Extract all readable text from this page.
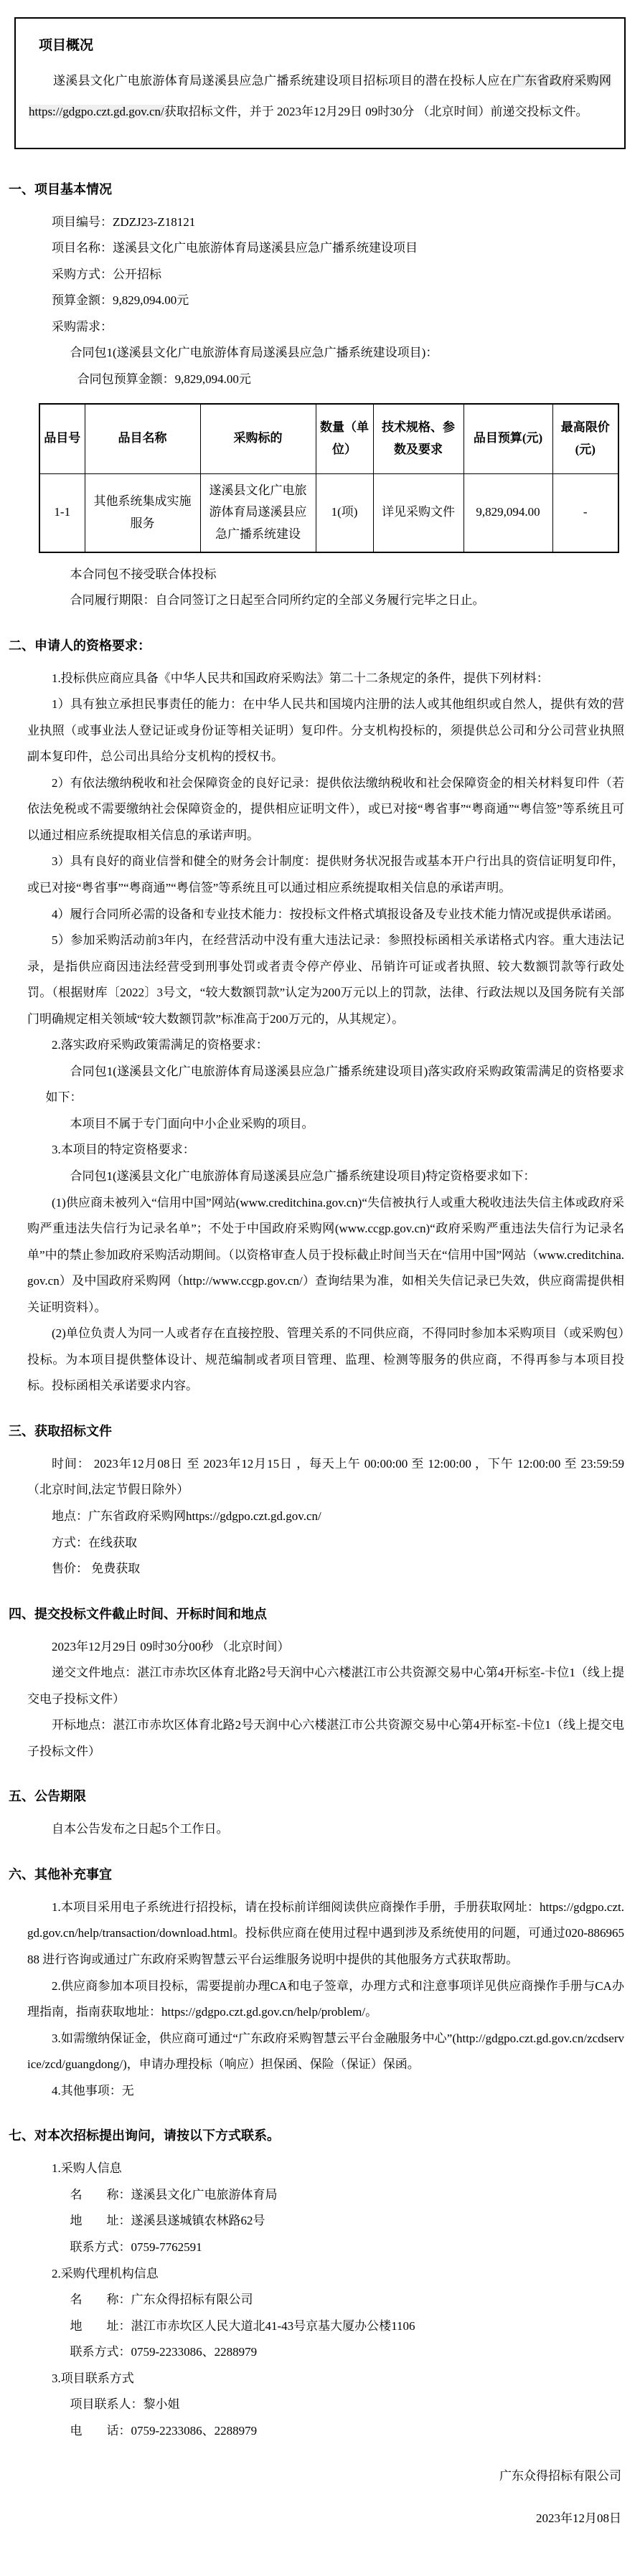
项目概况

遂溪县文化广电旅游体育局遂溪县应急广播系统建设项目招标项目的潜在投标人应在广东省政府采购网https://gdgpo.czt.gd.gov.cn/获取招标文件，并于 2023年12月29日 09时30分 （北京时间）前递交投标文件。

一、项目基本情况

项目编号：ZDZJ23-Z18121

项目名称：遂溪县文化广电旅游体育局遂溪县应急广播系统建设项目

采购方式：公开招标

预算金额：9,829,094.00元

采购需求：

合同包1(遂溪县文化广电旅游体育局遂溪县应急广播系统建设项目)：

合同包预算金额：9,829,094.00元

品目号	品目名称	采购标的	数量（单位）	技术规格、参数及要求	品目预算(元)	最高限价(元)
1-1	其他系统集成实施服务	遂溪县文化广电旅游体育局遂溪县应急广播系统建设	1(项)	详见采购文件	9,829,094.00	-

本合同包不接受联合体投标

合同履行期限：自合同签订之日起至合同所约定的全部义务履行完毕之日止。

二、申请人的资格要求：

1.投标供应商应具备《中华人民共和国政府采购法》第二十二条规定的条件，提供下列材料：

1）具有独立承担民事责任的能力：在中华人民共和国境内注册的法人或其他组织或自然人，提供有效的营业执照（或事业法人登记证或身份证等相关证明）复印件。分支机构投标的，须提供总公司和分公司营业执照副本复印件，总公司出具给分支机构的授权书。

2）有依法缴纳税收和社会保障资金的良好记录：提供依法缴纳税收和社会保障资金的相关材料复印件（若依法免税或不需要缴纳社会保障资金的，提供相应证明文件），或已对接“粤省事”“粤商通”“粤信签”等系统且可以通过相应系统提取相关信息的承诺声明。

3）具有良好的商业信誉和健全的财务会计制度：提供财务状况报告或基本开户行出具的资信证明复印件，或已对接“粤省事”“粤商通”“粤信签”等系统且可以通过相应系统提取相关信息的承诺声明。

4）履行合同所必需的设备和专业技术能力：按投标文件格式填报设备及专业技术能力情况或提供承诺函。

5）参加采购活动前3年内，在经营活动中没有重大违法记录：参照投标函相关承诺格式内容。重大违法记录，是指供应商因违法经营受到刑事处罚或者责令停产停业、吊销许可证或者执照、较大数额罚款等行政处罚。（根据财库〔2022〕3号文，“较大数额罚款”认定为200万元以上的罚款，法律、行政法规以及国务院有关部门明确规定相关领域“较大数额罚款”标准高于200万元的，从其规定）。

2.落实政府采购政策需满足的资格要求：

合同包1(遂溪县文化广电旅游体育局遂溪县应急广播系统建设项目)落实政府采购政策需满足的资格要求如下：

本项目不属于专门面向中小企业采购的项目。

3.本项目的特定资格要求：

合同包1(遂溪县文化广电旅游体育局遂溪县应急广播系统建设项目)特定资格要求如下：

(1)供应商未被列入“信用中国”网站(www.creditchina.gov.cn)“失信被执行人或重大税收违法失信主体或政府采购严重违法失信行为记录名单”；不处于中国政府采购网(www.ccgp.gov.cn)“政府采购严重违法失信行为记录名单”中的禁止参加政府采购活动期间。（以资格审查人员于投标截止时间当天在“信用中国”网站（www.creditchina.gov.cn）及中国政府采购网（http://www.ccgp.gov.cn/）查询结果为准，如相关失信记录已失效，供应商需提供相关证明资料）。

(2)单位负责人为同一人或者存在直接控股、管理关系的不同供应商，不得同时参加本采购项目（或采购包）投标。为本项目提供整体设计、规范编制或者项目管理、监理、检测等服务的供应商，不得再参与本项目投标。投标函相关承诺要求内容。

三、获取招标文件

时间： 2023年12月08日 至 2023年12月15日 ，每天上午 00:00:00 至 12:00:00 ，下午 12:00:00 至 23:59:59（北京时间,法定节假日除外）

地点：广东省政府采购网https://gdgpo.czt.gd.gov.cn/

方式：在线获取

售价： 免费获取

四、提交投标文件截止时间、开标时间和地点

2023年12月29日 09时30分00秒 （北京时间）

递交文件地点：湛江市赤坎区体育北路2号天润中心六楼湛江市公共资源交易中心第4开标室-卡位1（线上提交电子投标文件）

开标地点：湛江市赤坎区体育北路2号天润中心六楼湛江市公共资源交易中心第4开标室-卡位1（线上提交电子投标文件）

五、公告期限

自本公告发布之日起5个工作日。

六、其他补充事宜

1.本项目采用电子系统进行招投标，请在投标前详细阅读供应商操作手册，手册获取网址：https://gdgpo.czt.gd.gov.cn/help/transaction/download.html。投标供应商在使用过程中遇到涉及系统使用的问题，可通过020-88696588 进行咨询或通过广东政府采购智慧云平台运维服务说明中提供的其他服务方式获取帮助。

2.供应商参加本项目投标，需要提前办理CA和电子签章，办理方式和注意事项详见供应商操作手册与CA办理指南，指南获取地址：https://gdgpo.czt.gd.gov.cn/help/problem/。

3.如需缴纳保证金，供应商可通过“广东政府采购智慧云平台金融服务中心”(http://gdgpo.czt.gd.gov.cn/zcdservice/zcd/guangdong/)，申请办理投标（响应）担保函、保险（保证）保函。

4.其他事项：无

七、对本次招标提出询问，请按以下方式联系。

1.采购人信息

名　　称：遂溪县文化广电旅游体育局

地　　址：遂溪县遂城镇农林路62号

联系方式：0759-7762591

2.采购代理机构信息

名　　称：广东众得招标有限公司

地　　址：湛江市赤坎区人民大道北41-43号京基大厦办公楼1106

联系方式：0759-2233086、2288979

3.项目联系方式

项目联系人：黎小姐

电　　话：0759-2233086、2288979

广东众得招标有限公司

2023年12月08日
